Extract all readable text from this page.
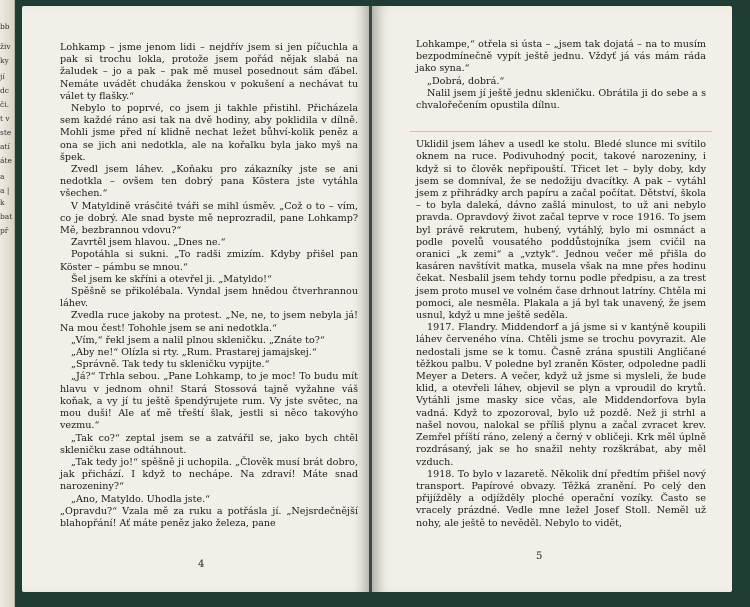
bb
živ
ky
jí
dc
či.
t v
ste
atí
áte
a
a |
k
bat
př

Lohkamp – jsme jenom lidi – nejdřív jsem si jen píčuchla a pak si trochu lokla, protože jsem pořád nějak slabá na žaludek – jo a pak – pak mě musel posednout sám ďábel. Nemáte uvádět chudáka ženskou v pokušení a nechávat tu válet ty flašky.“

Nebylo to poprvé, co jsem ji takhle přistihl. Přicházela sem každé ráno asi tak na dvě hodiny, aby poklidila v dílně. Mohli jsme před ní klidně nechat ležet bůhví-kolik peněz a ona se jich ani nedotkla, ale na kořalku byla jako myš na špek.

Zvedl jsem láhev. „Koňaku pro zákazníky jste se ani nedotkla – ovšem ten dobrý pana Köstera jste vytáhla všechen.“

V Matyldině vrásčité tváři se mihl úsměv. „Což o to – vím, co je dobrý. Ale snad byste mě neprozradil, pane Lohkamp? Mě, bezbrannou vdovu?“

Zavrtěl jsem hlavou. „Dnes ne.“

Popotáhla si sukni. „To radši zmizím. Kdyby přišel pan Köster – pámbu se mnou.“

Šel jsem ke skříni a otevřel ji. „Matyldo!“

Spěšně se přikolébala. Vyndal jsem hnědou čtverhrannou láhev.

Zvedla ruce jakoby na protest. „Ne, ne, to jsem nebyla já! Na mou čest! Tohohle jsem se ani nedotkla.“

„Vím,“ řekl jsem a nalil plnou skleničku. „Znáte to?“

„Aby ne!“ Olízla si rty. „Rum. Prastarej jamajskej.“

„Správně. Tak tedy tu skleničku vypijte.“

„Já?“ Trhla sebou. „Pane Lohkamp, to je moc! To budu mít hlavu v jednom ohni! Stará Stossová tajně vyžahne váš koňak, a vy jí tu ještě špendýrujete rum. Vy jste světec, na mou duši! Ale ať mě třeští šlak, jestli si něco takovýho vezmu.“

„Tak co?“ zeptal jsem se a zatvářil se, jako bych chtěl skleničku zase odtáhnout.

„Tak tedy jo!“ spěšně ji uchopila. „Člověk musí brát dobro, jak přichází. I když to nechápe. Na zdraví! Máte snad narozeniny?“

„Ano, Matyldo. Uhodla jste.“

„Opravdu?“ Vzala mě za ruku a potřásla jí. „Nejsrdečnější blahopřání! Ať máte peněz jako železa, pane

4

Lohkampe,“ otřela si ústa – „jsem tak dojatá – na to musím bezpodmínečně vypít ještě jednu. Vždyť já vás mám ráda jako syna.“

„Dobrá, dobrá.“

Nalil jsem jí ještě jednu skleničku. Obrátila ji do sebe a s chvalořečením opustila dílnu.

Uklidil jsem láhev a usedl ke stolu. Bledé slunce mi svítilo oknem na ruce. Podivuhodný pocit, takové narozeniny, i když si to člověk nepřipouští. Třicet let – byly doby, kdy jsem se domníval, že se nedožiju dvacítky. A pak – vytáhl jsem z přihrádky arch papíru a začal počítat. Dětství, škola – to byla daleká, dávno zašlá minulost, to už ani nebylo pravda. Opravdový život začal teprve v roce 1916. To jsem byl právě rekrutem, hubený, vytáhlý, bylo mi osmnáct a podle povelů vousatého poddůstojníka jsem cvičil na oranici „k zemi“ a „vztyk“. Jednou večer mě přišla do kasáren navštívit matka, musela však na mne přes hodinu čekat. Nesbalil jsem tehdy tornu podle předpisu, a za trest jsem proto musel ve volném čase drhnout latríny. Chtěla mi pomoci, ale nesměla. Plakala a já byl tak unavený, že jsem usnul, když u mne ještě seděla.

1917. Flandry. Middendorf a já jsme si v kantýně koupili láhev červeného vína. Chtěli jsme se trochu povyrazit. Ale nedostali jsme se k tomu. Časně zrána spustili Angličané těžkou palbu. V poledne byl zraněn Köster, odpoledne padli Meyer a Deters. A večer, když už jsme si mysleli, že bude klid, a otevřeli láhev, objevil se plyn a vproudil do krytů. Vytáhli jsme masky sice včas, ale Middendorfova byla vadná. Když to zpozoroval, bylo už pozdě. Než ji strhl a našel novou, nalokal se příliš plynu a začal zvracet krev. Zemřel příští ráno, zelený a černý v obličeji. Krk měl úplně rozdrásaný, jak se ho snažil nehty rozškrábat, aby měl vzduch.

1918. To bylo v lazaretě. Několik dní předtím přišel nový transport. Papírové obvazy. Těžká zranění. Po celý den přijížděly a odjížděly ploché operační vozíky. Často se vracely prázdné. Vedle mne ležel Josef Stoll. Neměl už nohy, ale ještě to nevěděl. Nebylo to vidět,

5
